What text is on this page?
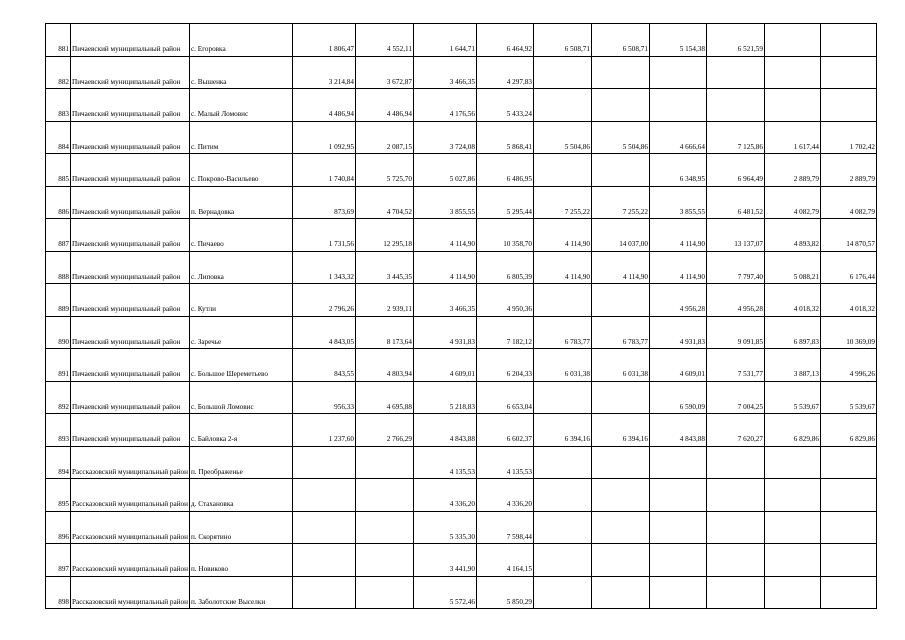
881	Пичаевский муниципальный район	с. Егоровка	1 806,47	4 552,11	1 644,71	6 464,92	6 508,71	6 508,71	5 154,38	6 521,59		
882	Пичаевский муниципальный район	с. Вышенка	3 214,84	3 672,87	3 466,35	4 297,83						
883	Пичаевский муниципальный район	с. Малый Ломовис	4 486,94	4 486,94	4 176,56	5 433,24						
884	Пичаевский муниципальный район	с. Питим	1 092,95	2 087,15	3 724,08	5 868,41	5 504,86	5 504,86	4 666,64	7 125,86	1 617,44	1 702,42
885	Пичаевский муниципальный район	с. Покрово-Васильево	1 740,84	5 725,70	5 027,86	6 486,95			6 348,95	6 964,49	2 889,79	2 889,79
886	Пичаевский муниципальный район	п. Вернадовка	873,69	4 704,52	3 855,55	5 295,44	7 255,22	7 255,22	3 855,55	6 481,52	4 082,79	4 082,79
887	Пичаевский муниципальный район	с. Пичаево	1 731,56	12 295,18	4 114,90	10 358,70	4 114,90	14 037,00	4 114,90	13 137,07	4 893,82	14 870,57
888	Пичаевский муниципальный район	с. Липовка	1 343,32	3 445,35	4 114,90	6 805,39	4 114,90	4 114,90	4 114,90	7 797,40	5 088,21	6 176,44
889	Пичаевский муниципальный район	с. Кутли	2 796,26	2 939,11	3 466,35	4 950,36			4 956,28	4 956,28	4 018,32	4 018,32
890	Пичаевский муниципальный район	с. Заречье	4 843,05	8 173,64	4 931,83	7 182,12	6 783,77	6 783,77	4 931,83	9 091,85	6 897,83	10 369,09
891	Пичаевский муниципальный район	с. Большое Шереметьево	843,55	4 803,94	4 609,01	6 204,33	6 031,38	6 031,38	4 609,01	7 531,77	3 887,13	4 996,26
892	Пичаевский муниципальный район	с. Большой Ломовис	956,33	4 695,88	5 218,83	6 653,04			6 590,09	7 004,25	5 539,67	5 539,67
893	Пичаевский муниципальный район	с. Байловка 2-я	1 237,60	2 766,29	4 843,88	6 602,37	6 394,16	6 394,16	4 843,88	7 620,27	6 829,86	6 829,86
894	Рассказовский муниципальный район	п. Преображенье			4 135,53	4 135,53						
895	Рассказовский муниципальный район	д. Стахановка			4 336,20	4 336,20						
896	Рассказовский муниципальный район	п. Скорятино			5 335,30	7 598,44						
897	Рассказовский муниципальный район	п. Новиково			3 441,90	4 164,15						
898	Рассказовский муниципальный район	п. Заболотские Выселки			5 572,46	5 850,29						
